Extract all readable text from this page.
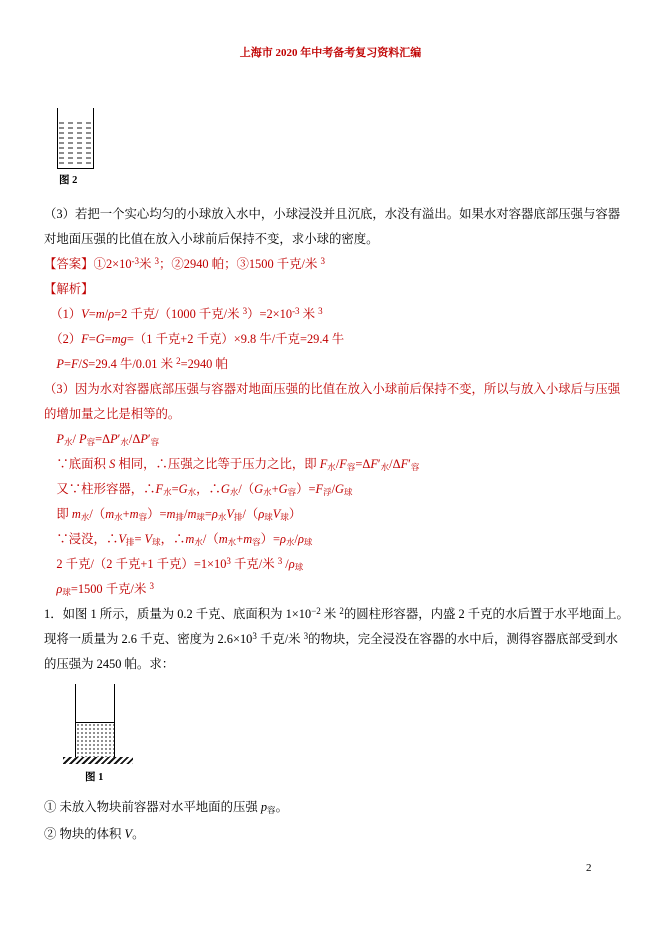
上海市 2020 年中考备考复习资料汇编
图 2
（3）若把一个实心均匀的小球放入水中，小球浸没并且沉底，水没有溢出。如果水对容器底部压强与容器
对地面压强的比值在放入小球前后保持不变，求小球的密度。
【答案】$①2\times 10^{-3}$米 $^3$；②2940 帕；③1500 千克/米 $^3$
【解析】
　（1）V=m/ρ=2 千克/（1000 千克/米 $^3)=2\times 10^{-3}$ 米 $^3$
　（2）F=G=mg=（1 千克+2 千克）×9.8 牛/千克=29.4 牛
　P=F/S=29.4 牛/0.01 米 $^2$=2940 帕
（3）因为水对容器底部压强与容器对地面压强的比值在放入小球前后保持不变，所以与放入小球后与压强
的增加量之比是相等的。
　P水/ P容=ΔP′水/ΔP′容
　∵底面积 S 相同，∴压强之比等于压力之比，即 F水/F容=ΔF′水/ΔF′容
　又∵柱形容器，∴F水=G水，∴G水/（G水+G容）=F浮/G球
　即 m水/（m水+m容）=m排/m球=ρ水V排/（ρ球V球）
　∵浸没，∴V排= V球，∴m水/（m水+m容）=ρ水/ρ球
　2 千克/（2 千克+1 千克）$=1\times 10^3$ 千克/米 $^3$ /ρ球
　ρ球=1500 千克/米 $^3$
1．如图 1 所示，质量为 0.2 千克、底面积为 $1\times 10^{-2}$ 米 $^2$的圆柱形容器，内盛 2 千克的水后置于水平地面上。
现将一质量为 2.6 千克、密度为 $2.6\times 10^3$ 千克/米 $^3$的物块，完全浸没在容器的水中后，测得容器底部受到水
的压强为 2450 帕。求：
图 1
① 未放入物块前容器对水平地面的压强 p容。
② 物块的体积 V。
2
